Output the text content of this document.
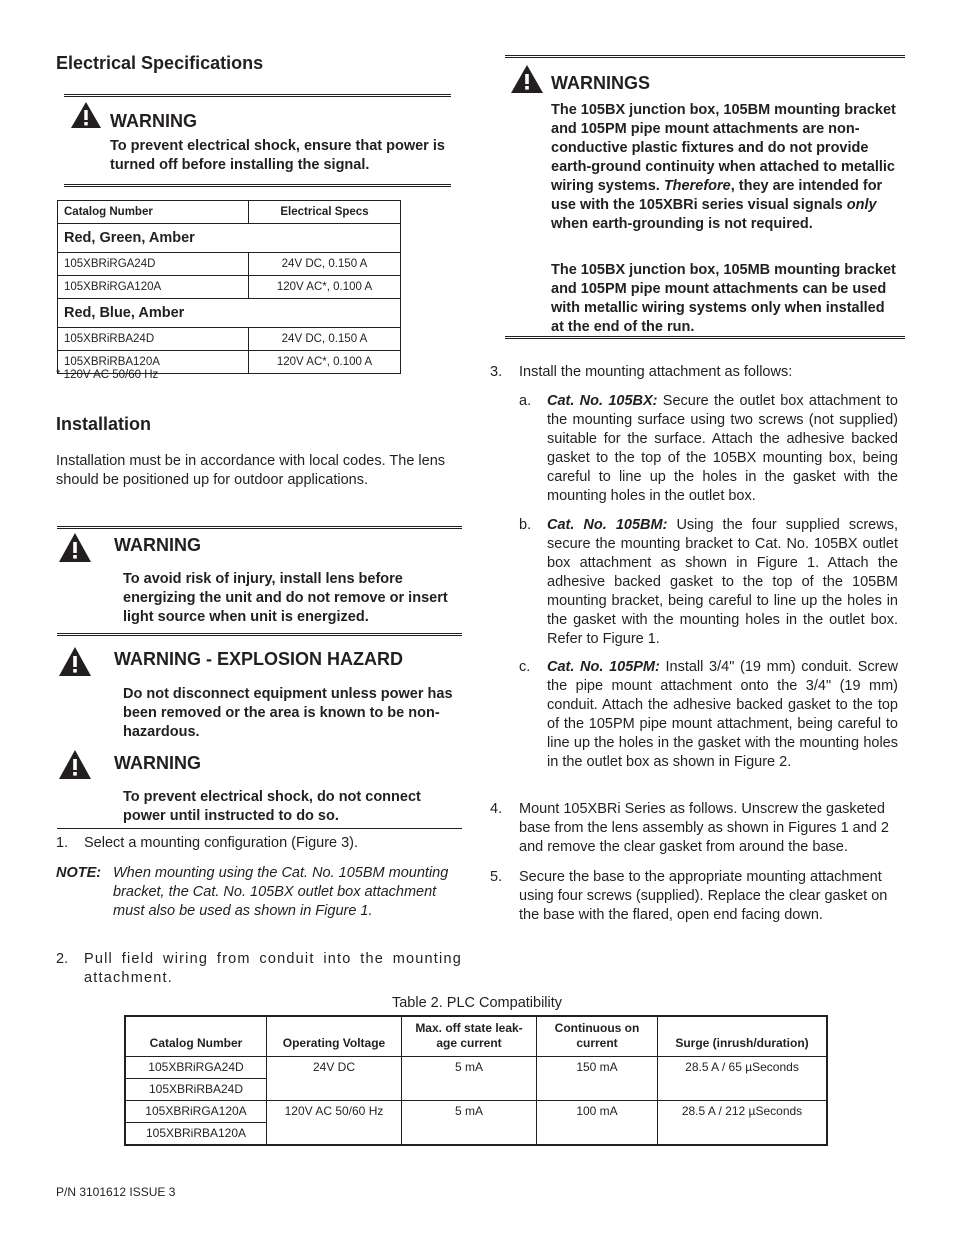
Electrical Specifications
WARNING
To prevent electrical shock, ensure that power is turned off before installing the signal.
Catalog Number	Electrical Specs
Red, Green, Amber	
105XBRiRGA24D	24V DC, 0.150 A
105XBRiRGA120A	120V AC*, 0.100 A
Red, Blue, Amber	
105XBRiRBA24D	24V DC, 0.150 A
105XBRiRBA120A	120V AC*, 0.100 A
* 120V AC 50/60 Hz
Installation
Installation must be in accordance with local codes. The lens should be positioned up for outdoor applications.
WARNING
To avoid risk of injury, install lens before energizing the unit and do not remove or insert light source when unit is energized.
WARNING - EXPLOSION HAZARD
Do not disconnect equipment unless power has been removed or the area is known to be non-hazardous.
WARNING
To prevent electrical shock, do not connect power until instructed to do so.
1. Select a mounting configuration (Figure 3).
NOTE: When mounting using the Cat. No. 105BM mounting bracket, the Cat. No. 105BX outlet box attachment must also be used as shown in Figure 1.
2. Pull field wiring from conduit into the mounting attachment.
WARNINGS
The 105BX junction box, 105BM mounting bracket and 105PM pipe mount attachments are non-conductive plastic fixtures and do not provide earth-ground continuity when attached to metallic wiring systems. Therefore, they are intended for use with the 105XBRi series visual signals only when earth-grounding is not required.
The 105BX junction box, 105MB mounting bracket and 105PM pipe mount attachments can be used with metallic wiring systems only when installed at the end of the run.
3. Install the mounting attachment as follows:
a. Cat. No. 105BX: Secure the outlet box attachment to the mounting surface using two screws (not supplied) suitable for the surface. Attach the adhesive backed gasket to the top of the 105BX mounting box, being careful to line up the holes in the gasket with the mounting holes in the outlet box.
b. Cat. No. 105BM: Using the four supplied screws, secure the mounting bracket to Cat. No. 105BX outlet box attachment as shown in Figure 1. Attach the adhesive backed gasket to the top of the 105BM mounting bracket, being careful to line up the holes in the gasket with the mounting holes in the outlet box. Refer to Figure 1.
c. Cat. No. 105PM: Install 3/4" (19 mm) conduit. Screw the pipe mount attachment onto the 3/4" (19 mm) conduit. Attach the adhesive backed gasket to the top of the 105PM pipe mount attachment, being careful to line up the holes in the gasket with the mounting holes in the outlet box as shown in Figure 2.
4. Mount 105XBRi Series as follows. Unscrew the gasketed base from the lens assembly as shown in Figures 1 and 2 and remove the clear gasket from around the base.
5. Secure the base to the appropriate mounting attachment using four screws (supplied). Replace the clear gasket on the base with the flared, open end facing down.
Table 2. PLC Compatibility
Catalog Number	Operating Voltage	Max. off state leak-age current	Continuous on current	Surge (inrush/duration)
105XBRiRGA24D	24V DC	5 mA	150 mA	28.5 A / 65 µSeconds
105XBRiRBA24D				
105XBRiRGA120A	120V AC 50/60 Hz	5 mA	100 mA	28.5 A / 212 µSeconds
105XBRiRBA120A				
P/N 3101612 ISSUE 3
